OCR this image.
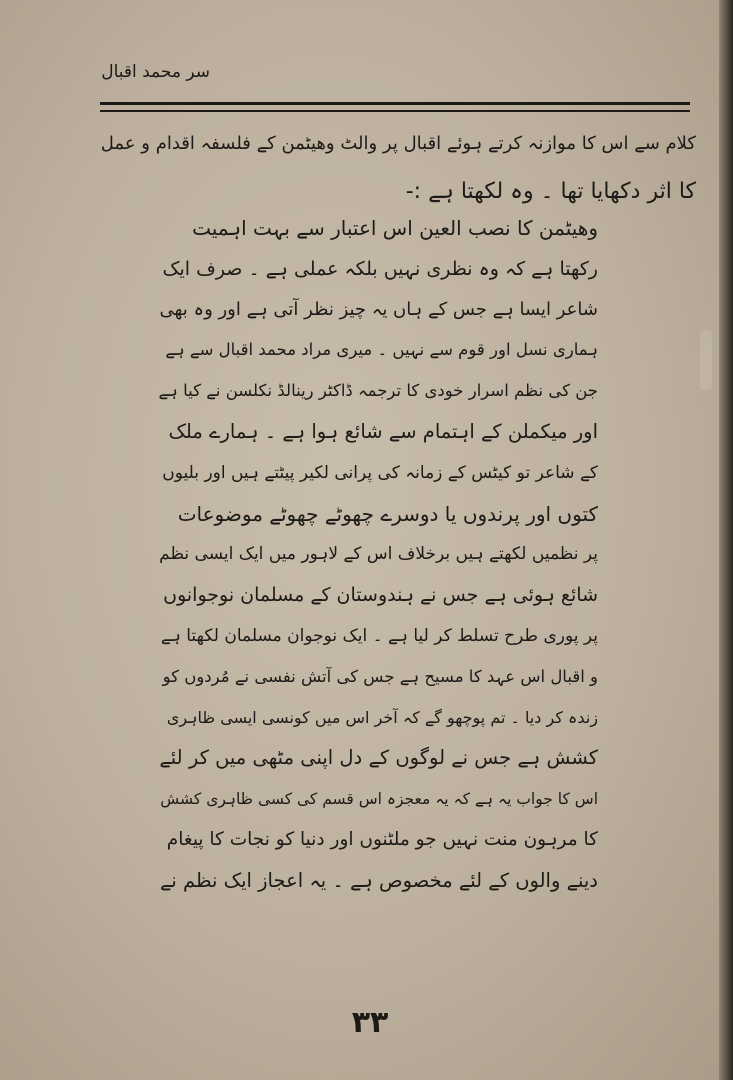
سر محمد اقبال
کلام سے اس کا موازنہ کرتے ہوئے اقبال پر والٹ وھیٹمن کے فلسفہ اقدام و عمل
کا اثر دکھایا تھا ۔ وہ لکھتا ہے :-
وھیٹمن کا نصب العین اس اعتبار سے بہت اہمیت
رکھتا ہے کہ وہ نظری نہیں بلکہ عملی ہے ۔ صرف ایک
شاعر ایسا ہے جس کے ہاں یہ چیز نظر آتی ہے اور وہ بھی
ہماری نسل اور قوم سے نہیں ۔ میری مراد محمد اقبال سے ہے
جن کی نظم اسرار خودی کا ترجمہ ڈاکٹر رینالڈ نکلسن نے کیا ہے
اور میکملن کے اہتمام سے شائع ہوا ہے ۔ ہمارے ملک
کے شاعر تو کیٹس کے زمانہ کی پرانی لکیر پیٹتے ہیں اور بلیوں
کتوں اور پرندوں یا دوسرے چھوٹے چھوٹے موضوعات
پر نظمیں لکھتے ہیں برخلاف اس کے لاہور میں ایک ایسی نظم
شائع ہوئی ہے جس نے ہندوستان کے مسلمان نوجوانوں
پر پوری طرح تسلط کر لیا ہے ۔ ایک نوجوان مسلمان لکھتا ہے
و اقبال اس عہد کا مسیح ہے جس کی آتش نفسی نے مُردوں کو
زندہ کر دیا ۔ تم پوچھو گے کہ آخر اس میں کونسی ایسی ظاہری
کشش ہے جس نے لوگوں کے دل اپنی مٹھی میں کر لئے
اس کا جواب یہ ہے کہ یہ معجزہ اس قسم کی کسی ظاہری کشش
کا مرہون منت نہیں جو ملٹنوں اور دنیا کو نجات کا پیغام
دینے والوں کے لئے مخصوص ہے ۔ یہ اعجاز ایک نظم نے
۳۳
